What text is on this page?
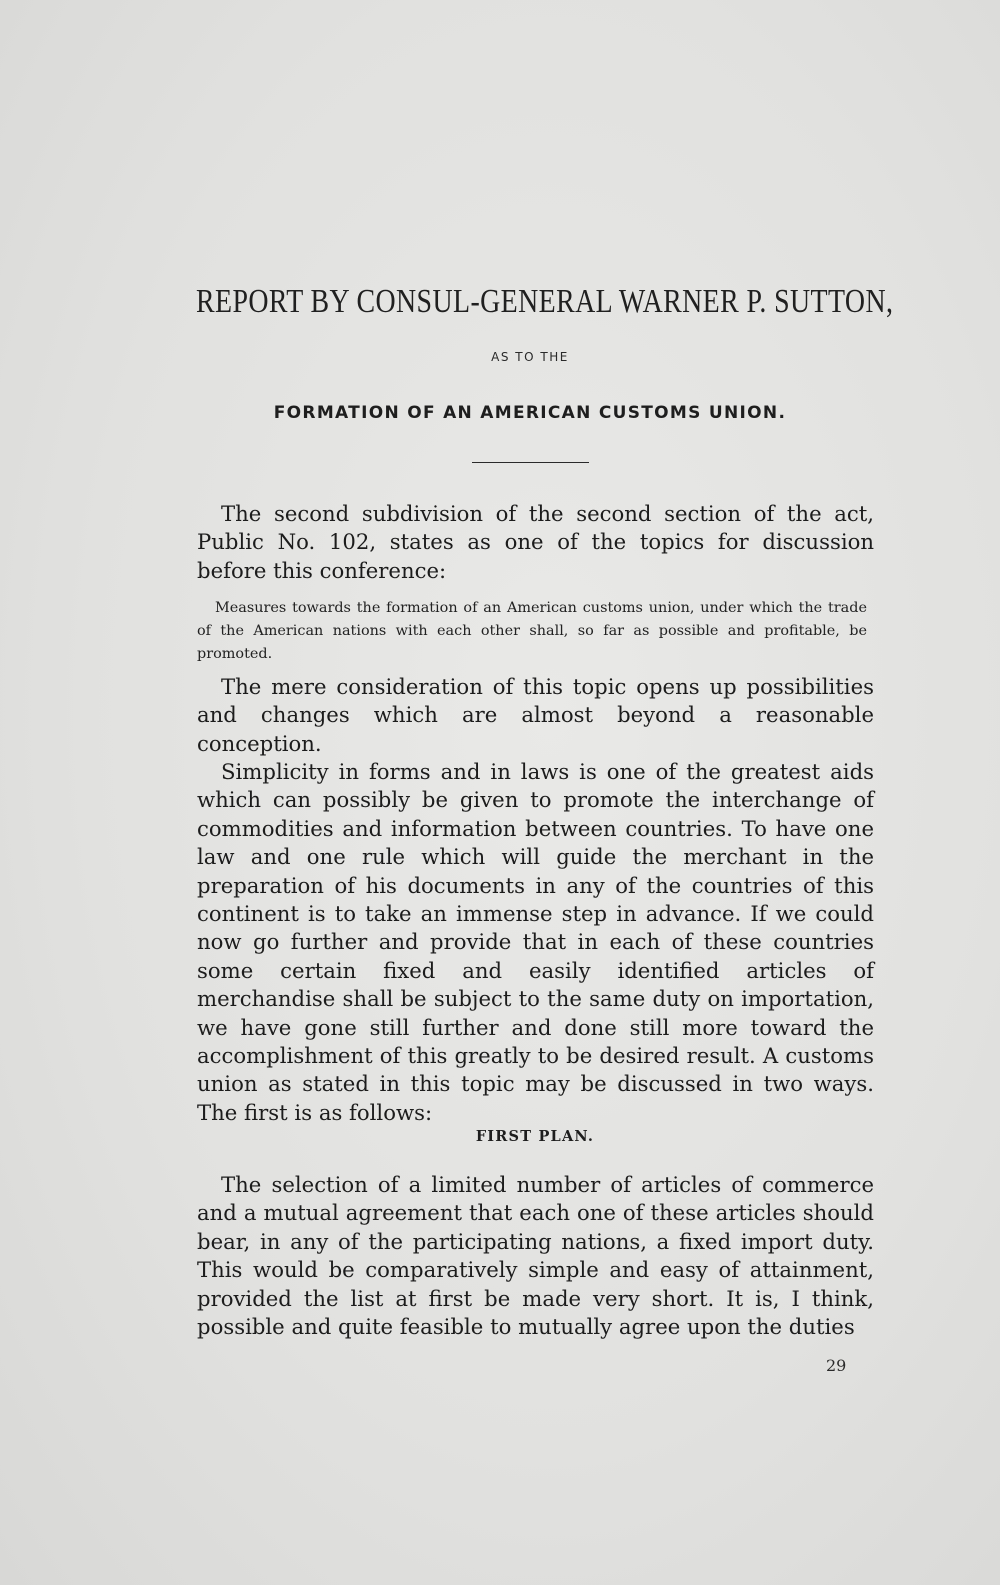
REPORT BY CONSUL-GENERAL WARNER P. SUTTON,
AS TO THE
FORMATION OF AN AMERICAN CUSTOMS UNION.

The second subdivision of the second section of the act, Public No. 102, states as one of the topics for discussion before this conference:

Measures towards the formation of an American customs union, under which the trade of the American nations with each other shall, so far as possible and profitable, be promoted.

The mere consideration of this topic opens up possibilities and changes which are almost beyond a reasonable conception.

Simplicity in forms and in laws is one of the greatest aids which can possibly be given to promote the interchange of commodities and information between countries. To have one law and one rule which will guide the merchant in the preparation of his documents in any of the countries of this continent is to take an immense step in advance. If we could now go further and provide that in each of these countries some certain fixed and easily identified articles of merchandise shall be subject to the same duty on importation, we have gone still further and done still more toward the accomplishment of this greatly to be desired result. A customs union as stated in this topic may be discussed in two ways. The first is as follows:

FIRST PLAN.

The selection of a limited number of articles of commerce and a mutual agreement that each one of these articles should bear, in any of the participating nations, a fixed import duty. This would be comparatively simple and easy of attainment, provided the list at first be made very short. It is, I think, possible and quite feasible to mutually agree upon the duties

29
